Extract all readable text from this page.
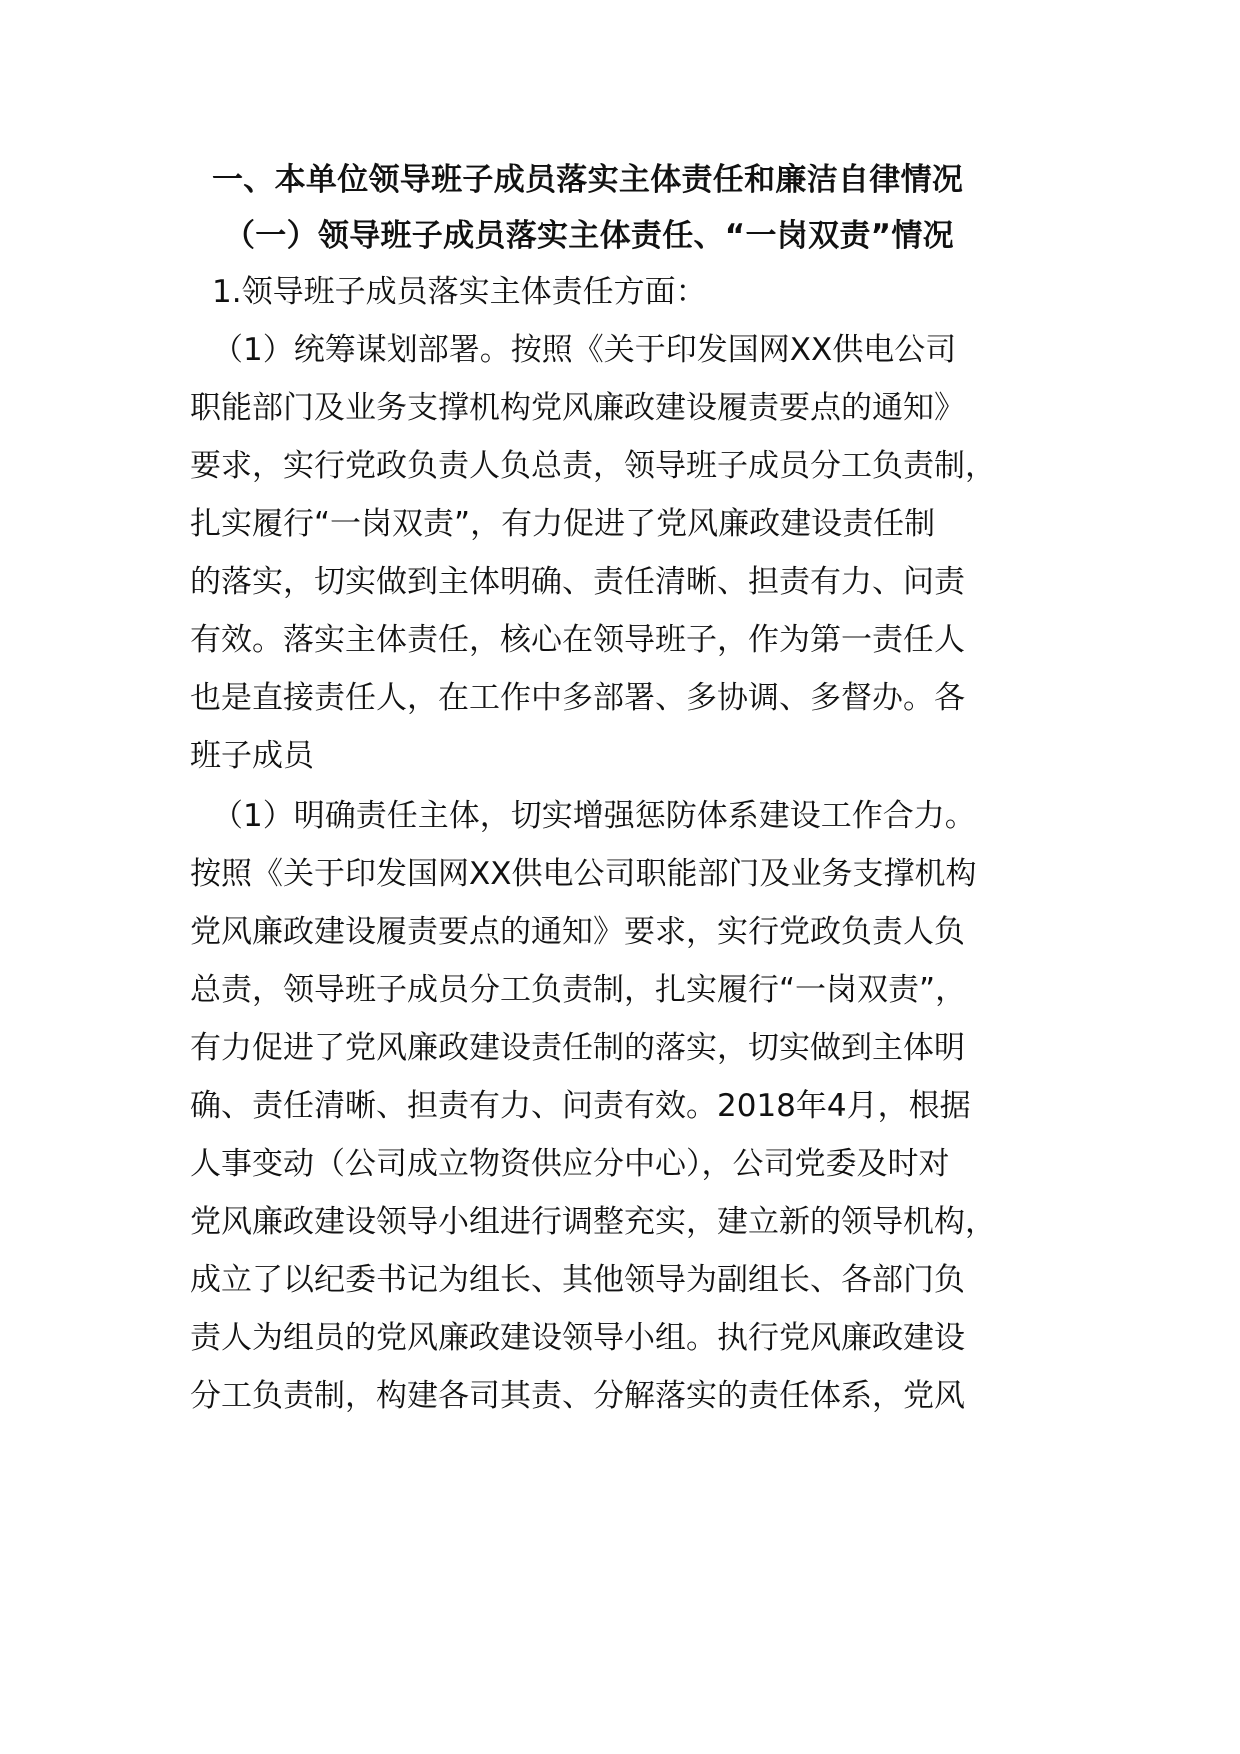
一、本单位领导班子成员落实主体责任和廉洁自律情况
（一）领导班子成员落实主体责任、“一岗双责”情况
1.领导班子成员落实主体责任方面：
（1）统筹谋划部署。按照《关于印发国网XX供电公司
职能部门及业务支撑机构党风廉政建设履责要点的通知》
要求，实行党政负责人负总责，领导班子成员分工负责制，
扎实履行“一岗双责”，有力促进了党风廉政建设责任制
的落实，切实做到主体明确、责任清晰、担责有力、问责
有效。落实主体责任，核心在领导班子，作为第一责任人
也是直接责任人，在工作中多部署、多协调、多督办。各
班子成员
（1）明确责任主体，切实增强惩防体系建设工作合力。
按照《关于印发国网XX供电公司职能部门及业务支撑机构
党风廉政建设履责要点的通知》要求，实行党政负责人负
总责，领导班子成员分工负责制，扎实履行“一岗双责”，
有力促进了党风廉政建设责任制的落实，切实做到主体明
确、责任清晰、担责有力、问责有效。2018年4月，根据
人事变动（公司成立物资供应分中心），公司党委及时对
党风廉政建设领导小组进行调整充实，建立新的领导机构，
成立了以纪委书记为组长、其他领导为副组长、各部门负
责人为组员的党风廉政建设领导小组。执行党风廉政建设
分工负责制，构建各司其责、分解落实的责任体系，党风
